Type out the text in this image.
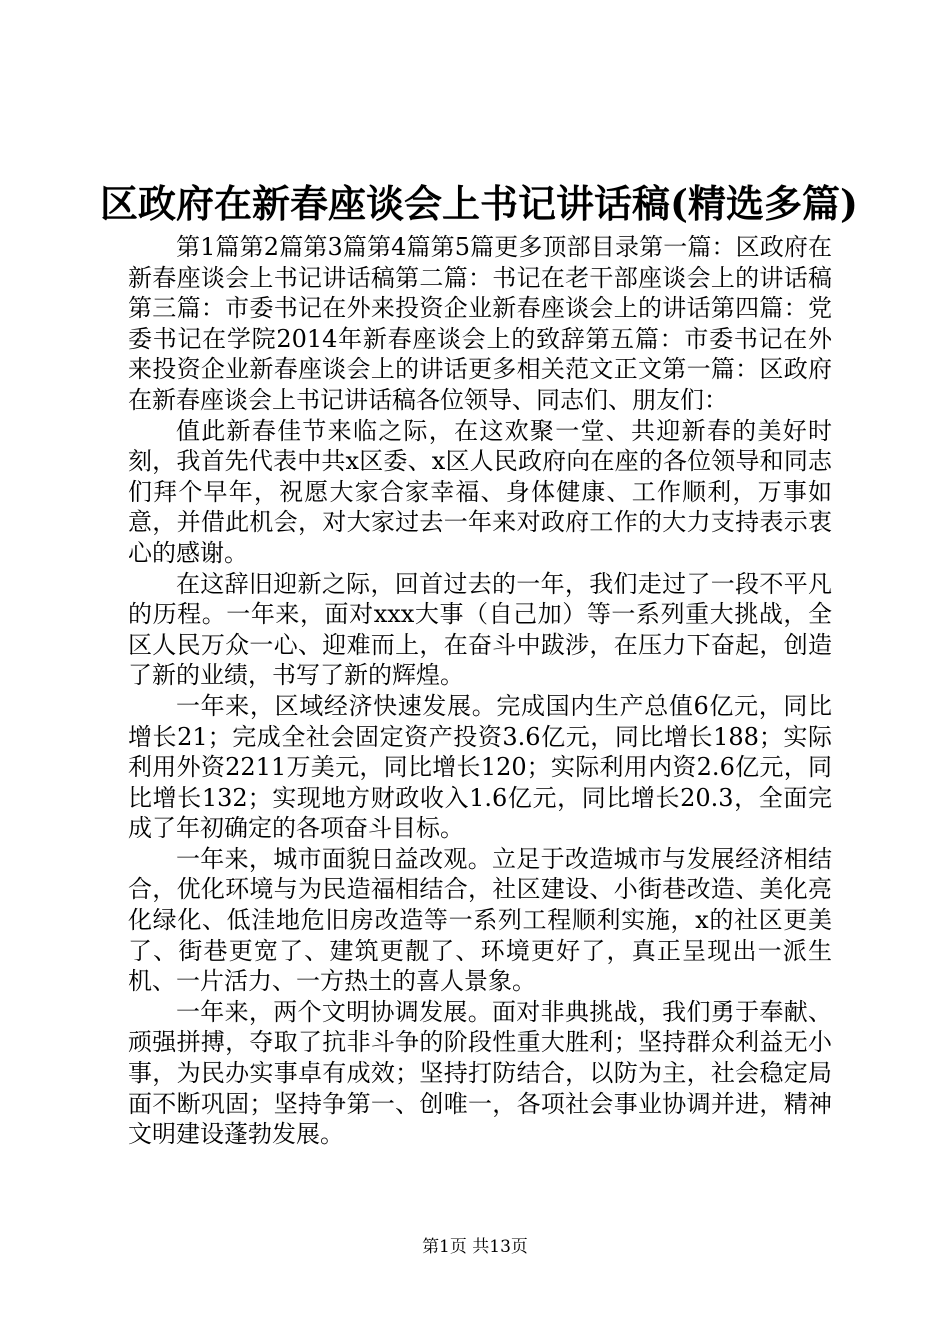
区政府在新春座谈会上书记讲话稿(精选多篇)

第1篇第2篇第3篇第4篇第5篇更多顶部目录第一篇：区政府在新春座谈会上书记讲话稿第二篇：书记在老干部座谈会上的讲话稿第三篇：市委书记在外来投资企业新春座谈会上的讲话第四篇：党委书记在学院2014年新春座谈会上的致辞第五篇：市委书记在外来投资企业新春座谈会上的讲话更多相关范文正文第一篇：区政府在新春座谈会上书记讲话稿各位领导、同志们、朋友们：

值此新春佳节来临之际，在这欢聚一堂、共迎新春的美好时刻，我首先代表中共x区委、x区人民政府向在座的各位领导和同志们拜个早年，祝愿大家合家幸福、身体健康、工作顺利，万事如意，并借此机会，对大家过去一年来对政府工作的大力支持表示衷心的感谢。

在这辞旧迎新之际，回首过去的一年，我们走过了一段不平凡的历程。一年来，面对xxx大事（自己加）等一系列重大挑战，全区人民万众一心、迎难而上，在奋斗中跋涉，在压力下奋起，创造了新的业绩，书写了新的辉煌。

一年来，区域经济快速发展。完成国内生产总值6亿元，同比增长21；完成全社会固定资产投资3.6亿元，同比增长188；实际利用外资2211万美元，同比增长120；实际利用内资2.6亿元，同比增长132；实现地方财政收入1.6亿元，同比增长20.3，全面完成了年初确定的各项奋斗目标。

一年来，城市面貌日益改观。立足于改造城市与发展经济相结合，优化环境与为民造福相结合，社区建设、小街巷改造、美化亮化绿化、低洼地危旧房改造等一系列工程顺利实施，x的社区更美了、街巷更宽了、建筑更靓了、环境更好了，真正呈现出一派生机、一片活力、一方热土的喜人景象。

一年来，两个文明协调发展。面对非典挑战，我们勇于奉献、顽强拼搏，夺取了抗非斗争的阶段性重大胜利；坚持群众利益无小事，为民办实事卓有成效；坚持打防结合，以防为主，社会稳定局面不断巩固；坚持争第一、创唯一，各项社会事业协调并进，精神文明建设蓬勃发展。

第1页 共13页
